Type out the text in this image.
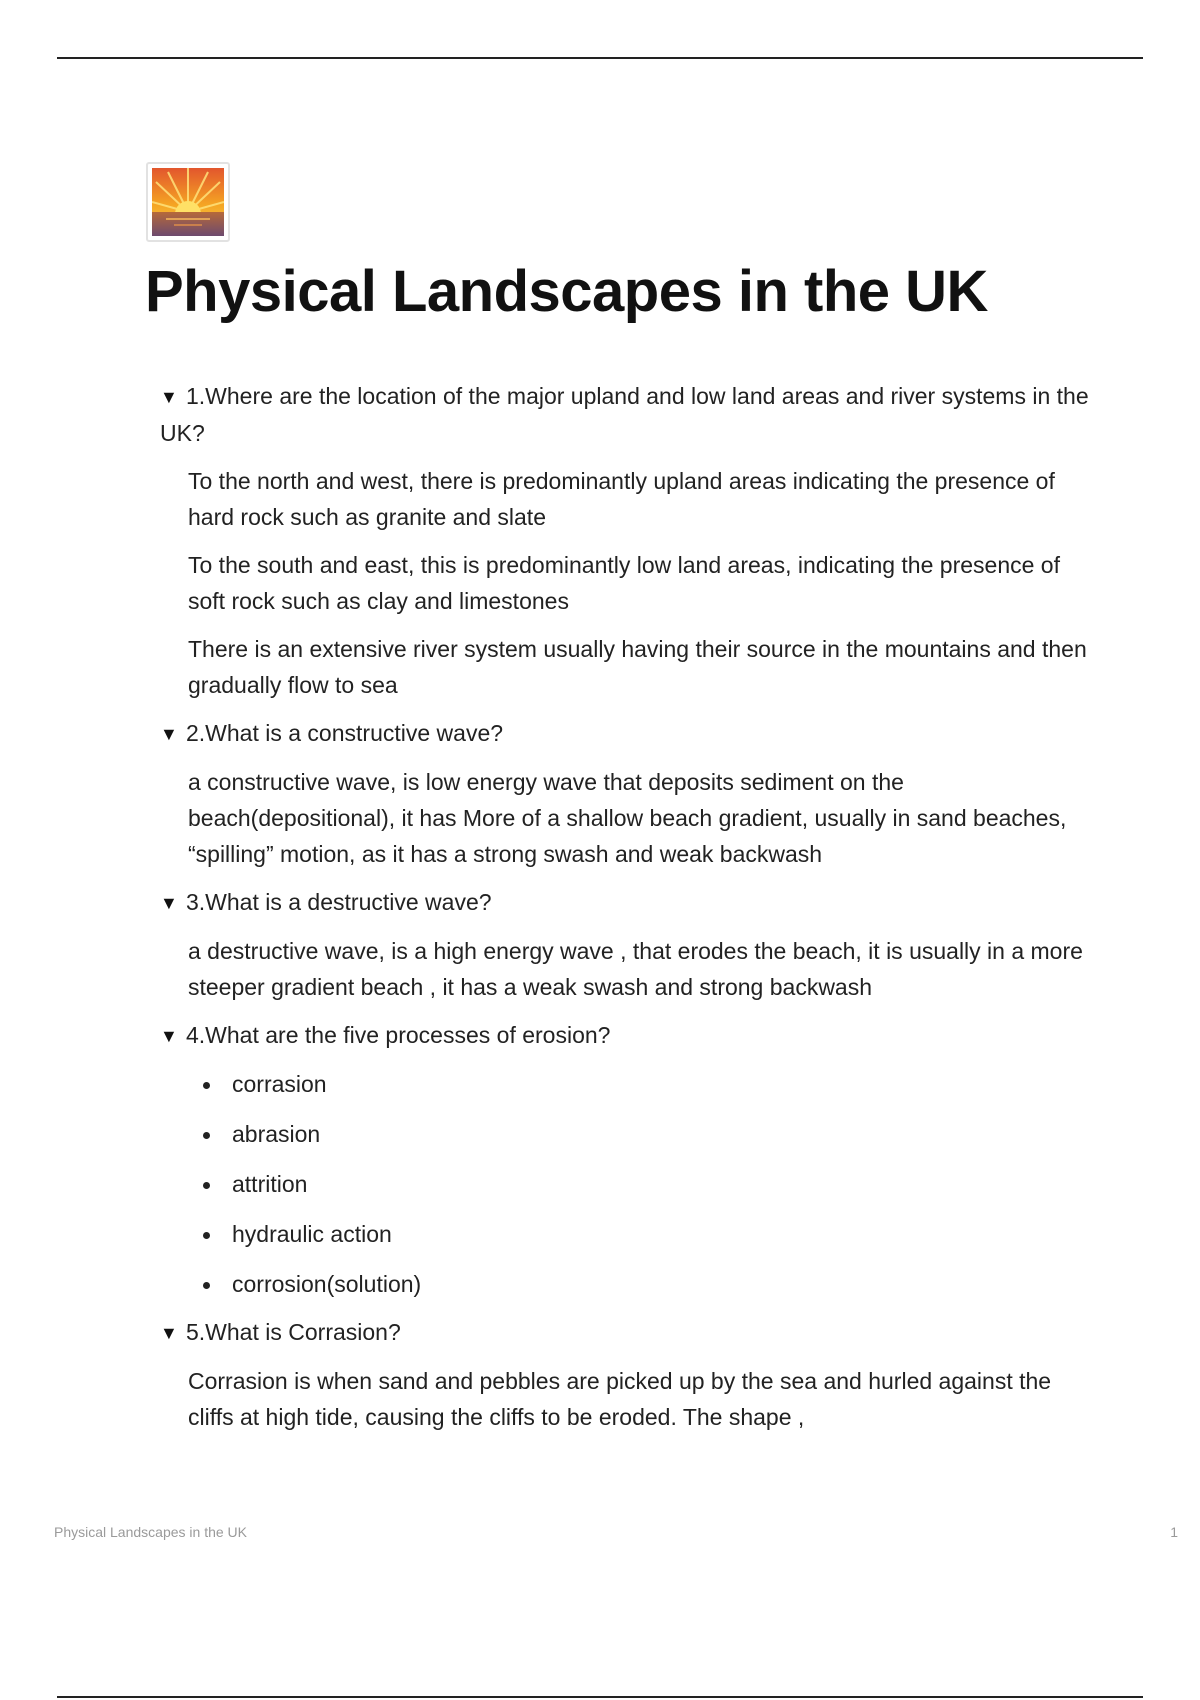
Physical Landscapes in the UK

▼ 1.Where are the location of the major upland and low land areas and river systems in the UK?

To the north and west, there is predominantly upland areas indicating the presence of hard rock such as granite and slate

To the south and east, this is predominantly low land areas, indicating the presence of soft rock such as clay and limestones

There is an extensive river system usually having their source in the mountains and then gradually flow to sea

▼ 2.What is a constructive wave?

a constructive wave, is low energy wave that deposits sediment on the beach(depositional), it has More of a shallow beach gradient, usually in sand beaches, “spilling” motion, as it has a strong swash and weak backwash

▼ 3.What is a destructive wave?

a destructive wave, is a high energy wave , that erodes the beach, it is usually in a more steeper gradient beach , it has a weak swash and strong backwash

▼ 4.What are the five processes of erosion?

corrasion
abrasion
attrition
hydraulic action
corrosion(solution)

▼ 5.What is Corrasion?

Corrasion is when sand and pebbles are picked up by the sea and hurled against the cliffs at high tide, causing the cliffs to be eroded. The shape ,

Physical Landscapes in the UK	1
